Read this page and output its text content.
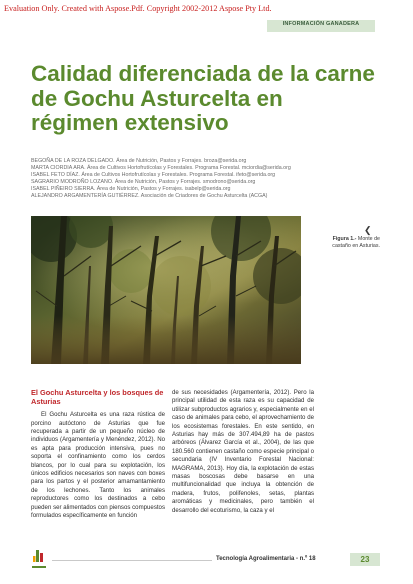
Evaluation Only. Created with Aspose.Pdf. Copyright 2002-2012 Aspose Pty Ltd.
INFORMACIÓN GANADERA
Calidad diferenciada de la carne de Gochu Asturcelta en régimen extensivo
BEGOÑA DE LA ROZA DELGADO. Área de Nutrición, Pastos y Forrajes. broza@serida.org
MARTA CIORDIA ARA. Área de Cultivos Hortofrutícolas y Forestales. Programa Forestal. mciordia@serida.org
ISABEL FETO DÍAZ. Área de Cultivos Hortofrutícolas y Forestales. Programa Forestal. ifeto@serida.org
SAGRARIO MODROÑO LOZANO. Área de Nutrición, Pastos y Forrajes. smodrono@serida.org
ISABEL PIÑEIRO SIERRA. Área de Nutrición, Pastos y Forrajes. isabelp@serida.org
ALEJANDRO ARGAMENTERÍA GUTIÉRREZ. Asociación de Criadores de Gochu Asturcelta (ACGA)
❮
Figura 1.- Monte de castaño en Asturias.
El Gochu Asturcelta y los bosques de Asturias

El Gochu Asturcelta es una raza rústica de porcino autóctono de Asturias que fue recuperada a partir de un pequeño núcleo de individuos (Argamentería y Menéndez, 2012). No es apta para producción intensiva, pues no soporta el confinamiento como los cerdos blancos, por lo cual para su explotación, los únicos edificios necesarios son naves con boxes para los partos y el posterior amamantamiento de los lechones. Tanto los animales reproductores como los destinados a cebo pueden ser alimentados con piensos compuestos formulados específicamente en función

de sus necesidades (Argamentería, 2012). Pero la principal utilidad de esta raza es su capacidad de utilizar subproductos agrarios y, especialmente en el caso de animales para cebo, el aprovechamiento de los ecosistemas forestales. En este sentido, en Asturias hay más de 307.494,89 ha de pastos arbóreos (Álvarez García et al., 2004), de las que 180.560 contienen castaño como especie principal o secundaria (IV Inventario Forestal Nacional: MAGRAMA, 2013). Hoy día, la explotación de estas masas boscosas debe basarse en una multifuncionalidad que incluya la obtención de madera, frutos, polifenoles, setas, plantas aromáticas y medicinales, pero también el desarrollo del ecoturismo, la caza y el

Tecnología Agroalimentaria - n.º 18	23
